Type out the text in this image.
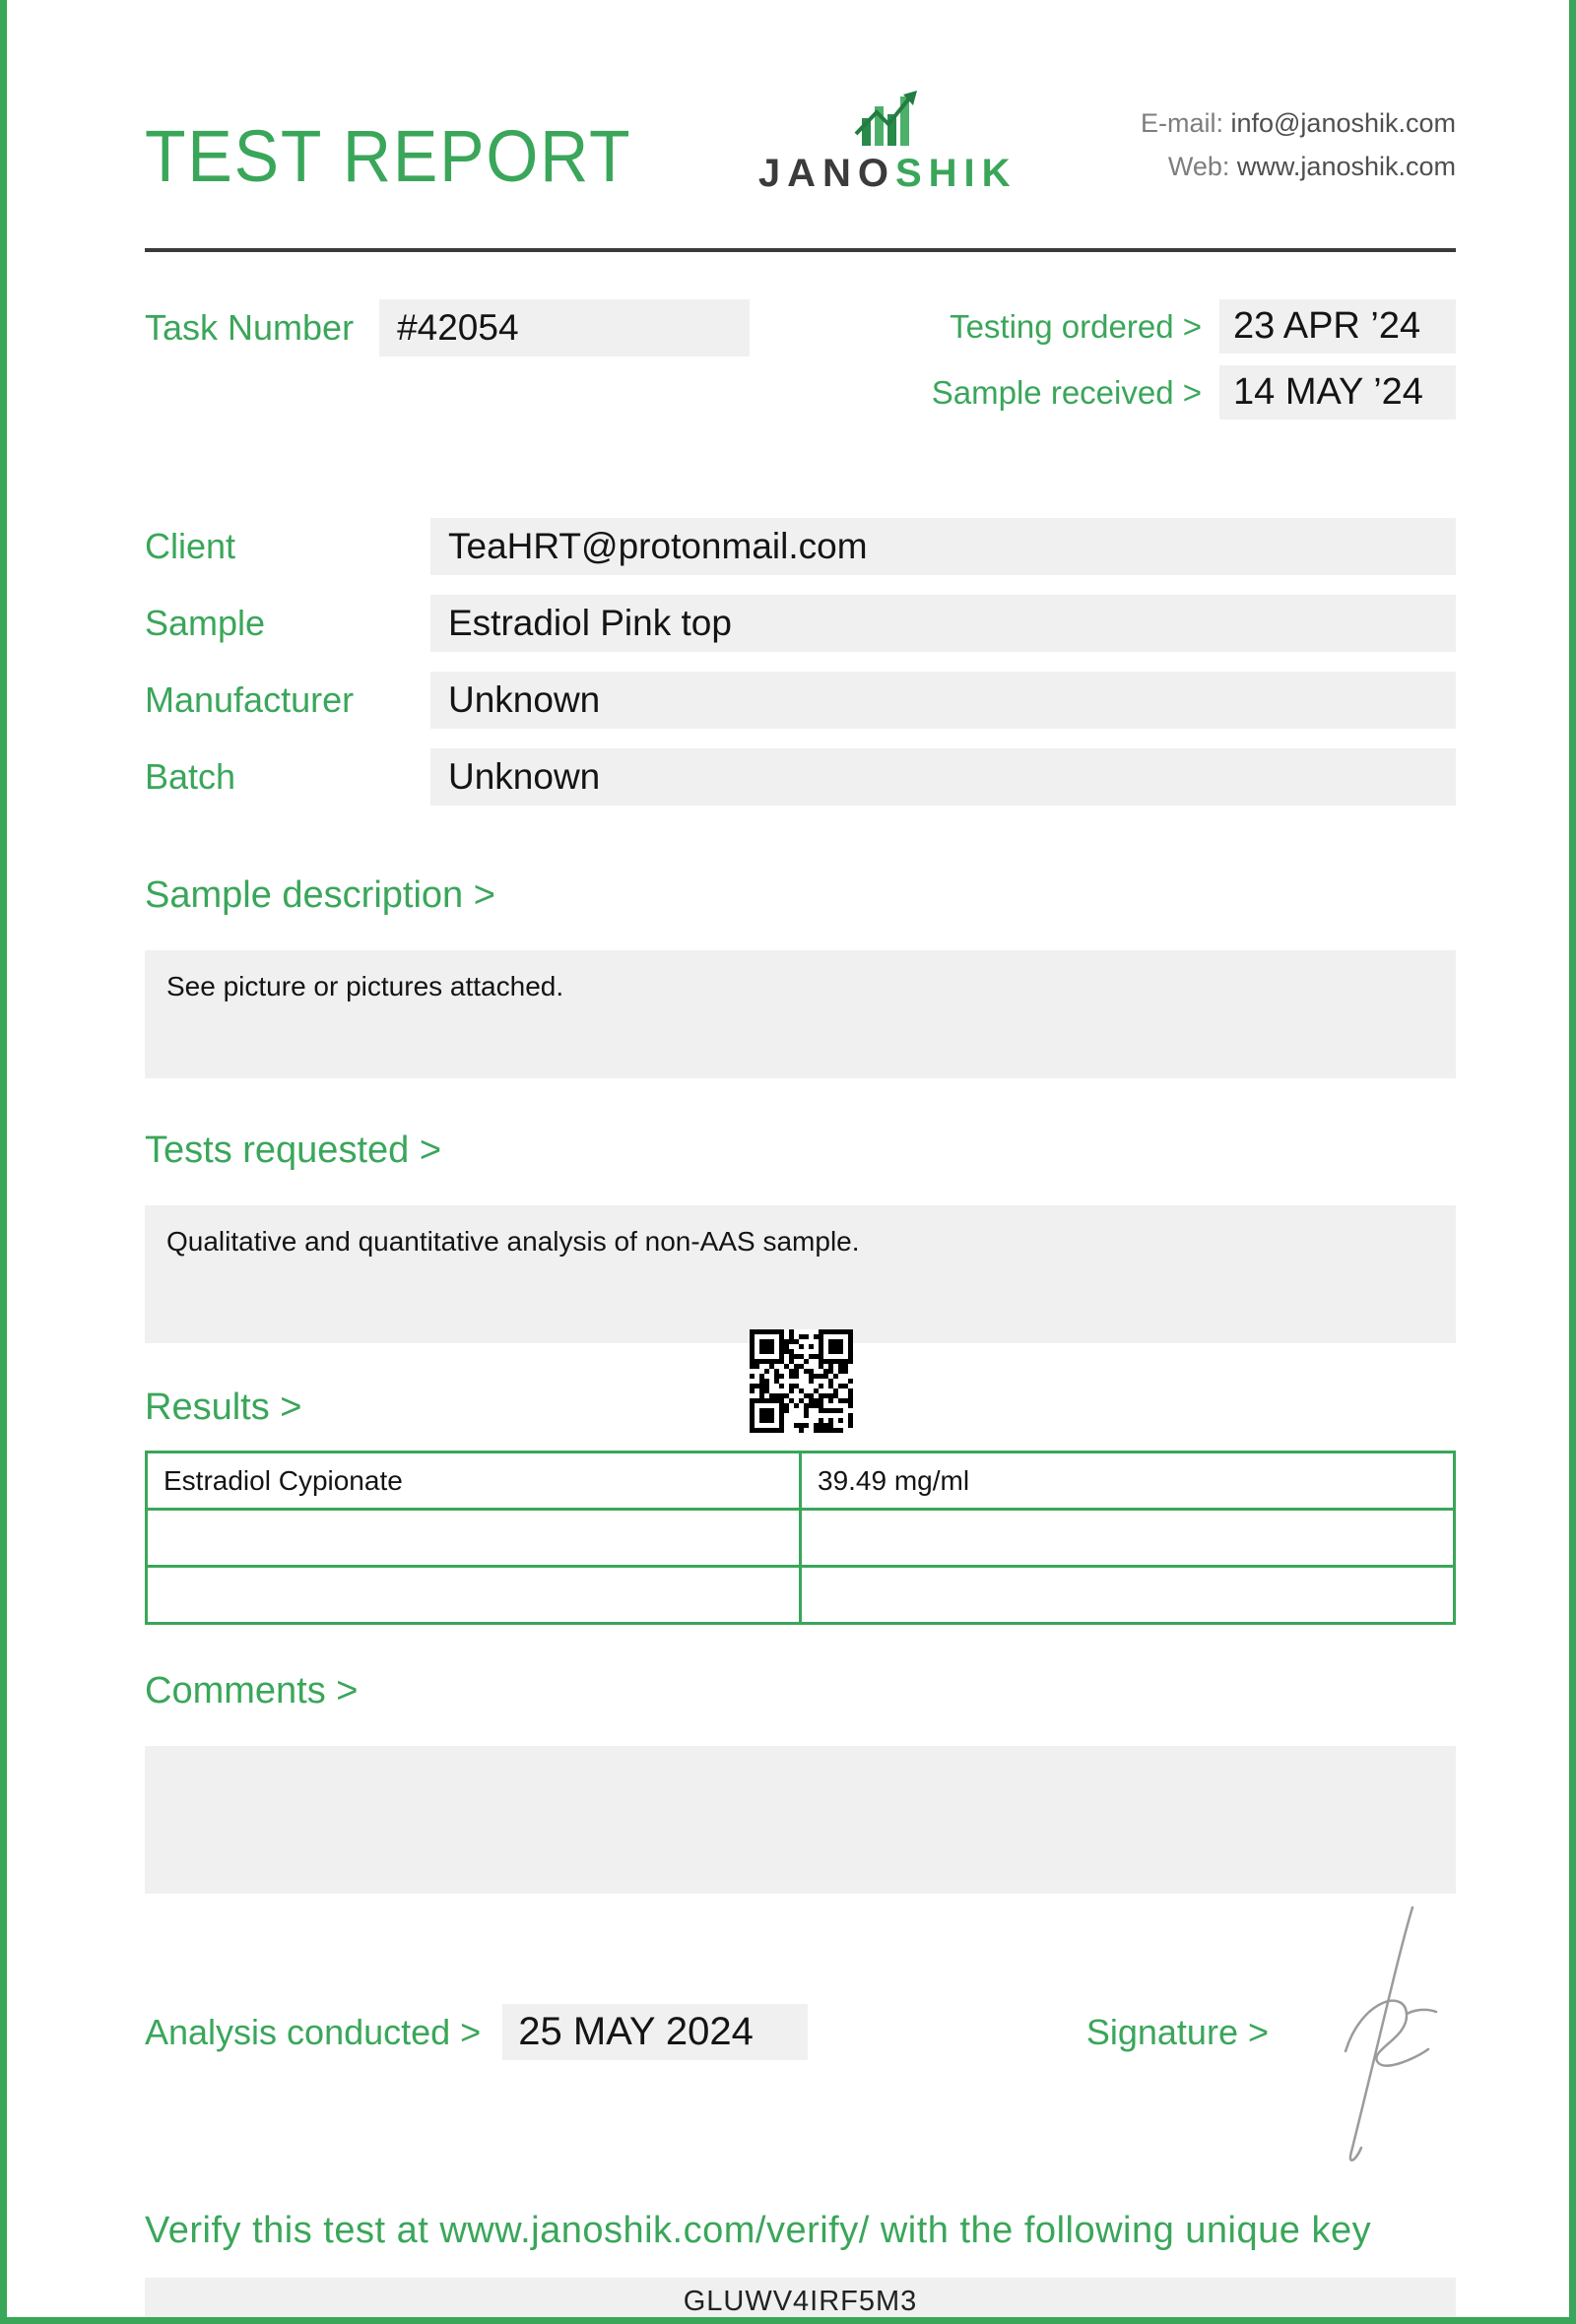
TEST REPORT	JANOSHIK
E-mail: info@janoshik.com
Web: www.janoshik.com
Task Number	#42054	Testing ordered > 23 APR ’24
Sample received > 14 MAY ’24
Client	TeaHRT@protonmail.com
Sample	Estradiol Pink top
Manufacturer	Unknown
Batch	Unknown
Sample description >
See picture or pictures attached.
Tests requested >
Qualitative and quantitative analysis of non-AAS sample.
Results >
Estradiol Cypionate	39.49 mg/ml

Comments >
Analysis conducted > 25 MAY 2024	Signature >
Verify this test at www.janoshik.com/verify/ with the following unique key
GLUWV4IRF5M3
